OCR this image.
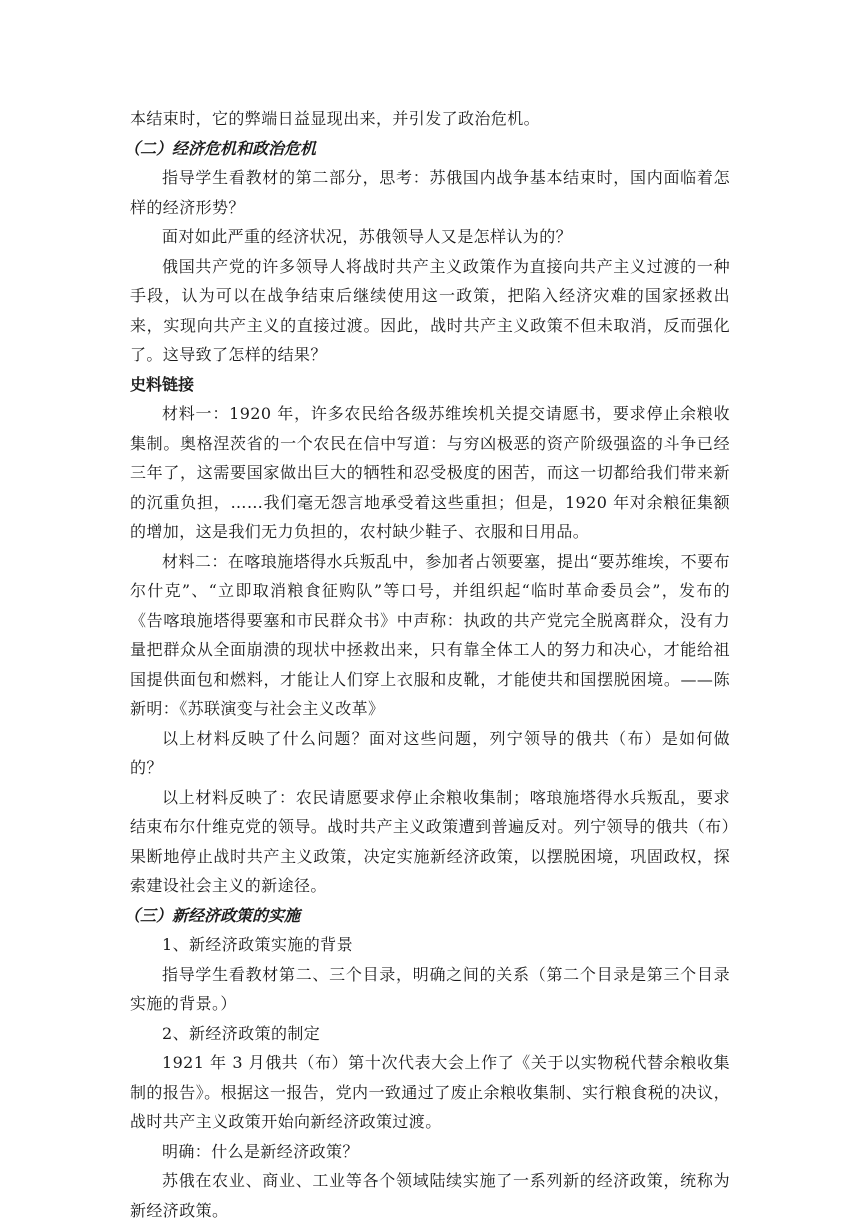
本结束时，它的弊端日益显现出来，并引发了政治危机。

（二）经济危机和政治危机

指导学生看教材的第二部分，思考：苏俄国内战争基本结束时，国内面临着怎样的经济形势？

面对如此严重的经济状况，苏俄领导人又是怎样认为的？

俄国共产党的许多领导人将战时共产主义政策作为直接向共产主义过渡的一种手段，认为可以在战争结束后继续使用这一政策，把陷入经济灾难的国家拯救出来，实现向共产主义的直接过渡。因此，战时共产主义政策不但未取消，反而强化了。这导致了怎样的结果？

史料链接

材料一：1920 年，许多农民给各级苏维埃机关提交请愿书，要求停止余粮收集制。奥格涅茨省的一个农民在信中写道：与穷凶极恶的资产阶级强盗的斗争已经三年了，这需要国家做出巨大的牺牲和忍受极度的困苦，而这一切都给我们带来新的沉重负担，……我们毫无怨言地承受着这些重担；但是，1920 年对余粮征集额的增加，这是我们无力负担的，农村缺少鞋子、衣服和日用品。

材料二：在喀琅施塔得水兵叛乱中，参加者占领要塞，提出“要苏维埃，不要布尔什克”、“立即取消粮食征购队”等口号，并组织起“临时革命委员会”，发布的《告喀琅施塔得要塞和市民群众书》中声称：执政的共产党完全脱离群众，没有力量把群众从全面崩溃的现状中拯救出来，只有靠全体工人的努力和决心，才能给祖国提供面包和燃料，才能让人们穿上衣服和皮靴，才能使共和国摆脱困境。——陈新明：《苏联演变与社会主义改革》

以上材料反映了什么问题？面对这些问题，列宁领导的俄共（布）是如何做的？

以上材料反映了：农民请愿要求停止余粮收集制；喀琅施塔得水兵叛乱，要求结束布尔什维克党的领导。战时共产主义政策遭到普遍反对。列宁领导的俄共（布）果断地停止战时共产主义政策，决定实施新经济政策，以摆脱困境，巩固政权，探索建设社会主义的新途径。

（三）新经济政策的实施

1、新经济政策实施的背景

指导学生看教材第二、三个目录，明确之间的关系（第二个目录是第三个目录实施的背景。）

2、新经济政策的制定

1921 年 3 月俄共（布）第十次代表大会上作了《关于以实物税代替余粮收集制的报告》。根据这一报告，党内一致通过了废止余粮收集制、实行粮食税的决议，战时共产主义政策开始向新经济政策过渡。

明确：什么是新经济政策？

苏俄在农业、商业、工业等各个领域陆续实施了一系列新的经济政策，统称为新经济政策。
